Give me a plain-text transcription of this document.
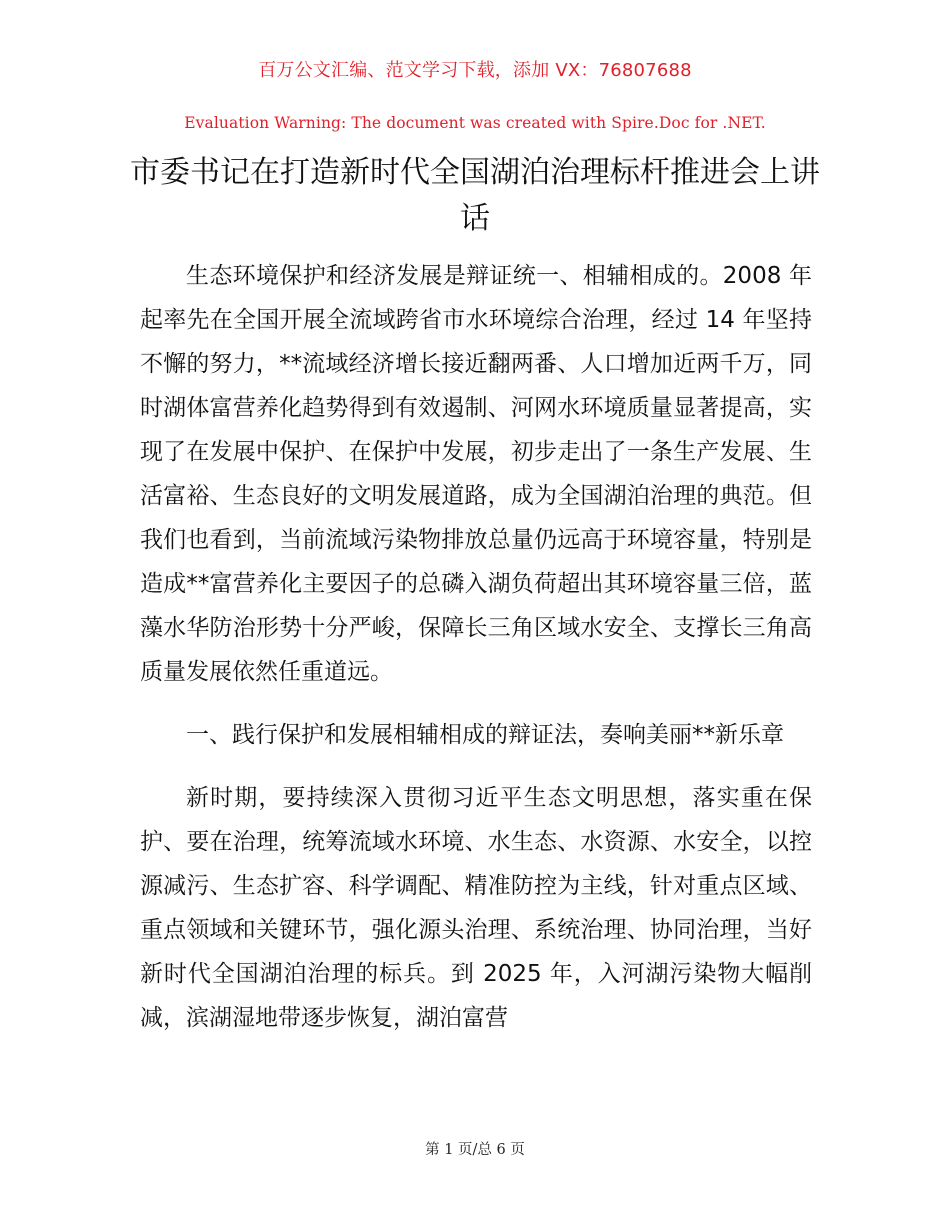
百万公文汇编、范文学习下载，添加 VX：76807688
Evaluation Warning: The document was created with Spire.Doc for .NET.
市委书记在打造新时代全国湖泊治理标杆推进会上讲话

生态环境保护和经济发展是辩证统一、相辅相成的。2008 年起率先在全国开展全流域跨省市水环境综合治理，经过 14 年坚持不懈的努力，**流域经济增长接近翻两番、人口增加近两千万，同时湖体富营养化趋势得到有效遏制、河网水环境质量显著提高，实现了在发展中保护、在保护中发展，初步走出了一条生产发展、生活富裕、生态良好的文明发展道路，成为全国湖泊治理的典范。但我们也看到，当前流域污染物排放总量仍远高于环境容量，特别是造成**富营养化主要因子的总磷入湖负荷超出其环境容量三倍，蓝藻水华防治形势十分严峻，保障长三角区域水安全、支撑长三角高质量发展依然任重道远。

一、践行保护和发展相辅相成的辩证法，奏响美丽**新乐章

新时期，要持续深入贯彻习近平生态文明思想，落实重在保护、要在治理，统筹流域水环境、水生态、水资源、水安全，以控源减污、生态扩容、科学调配、精准防控为主线，针对重点区域、重点领域和关键环节，强化源头治理、系统治理、协同治理，当好新时代全国湖泊治理的标兵。到 2025 年，入河湖污染物大幅削减，滨湖湿地带逐步恢复，湖泊富营

第 1 页/总 6 页
